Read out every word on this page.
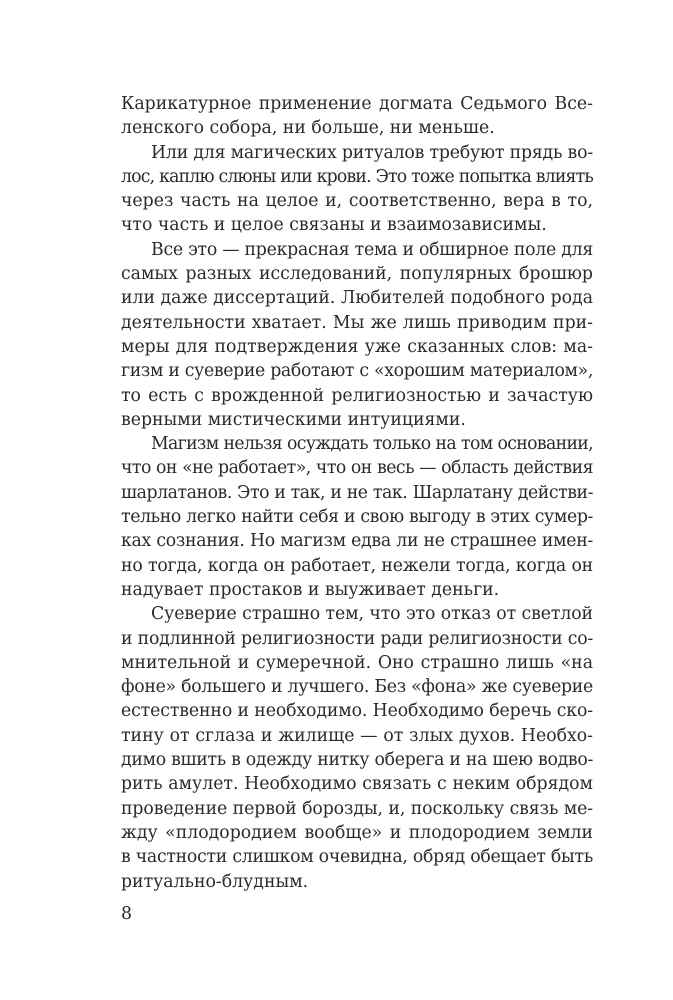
Карикатурное применение догмата Седьмого Все-
ленского собора, ни больше, ни меньше.
Или для магических ритуалов требуют прядь во-
лос, каплю слюны или крови. Это тоже попытка влиять
через часть на целое и, соответственно, вера в то,
что часть и целое связаны и взаимозависимы.
Все это — прекрасная тема и обширное поле для
самых разных исследований, популярных брошюр
или даже диссертаций. Любителей подобного рода
деятельности хватает. Мы же лишь приводим при-
меры для подтверждения уже сказанных слов: ма-
гизм и суеверие работают с «хорошим материалом»,
то есть с врожденной религиозностью и зачастую
верными мистическими интуициями.
Магизм нельзя осуждать только на том основании,
что он «не работает», что он весь — область действия
шарлатанов. Это и так, и не так. Шарлатану действи-
тельно легко найти себя и свою выгоду в этих сумер-
ках сознания. Но магизм едва ли не страшнее имен-
но тогда, когда он работает, нежели тогда, когда он
надувает простаков и выуживает деньги.
Суеверие страшно тем, что это отказ от светлой
и подлинной религиозности ради религиозности со-
мнительной и сумеречной. Оно страшно лишь «на
фоне» большего и лучшего. Без «фона» же суеверие
естественно и необходимо. Необходимо беречь ско-
тину от сглаза и жилище — от злых духов. Необхо-
димо вшить в одежду нитку оберега и на шею водво-
рить амулет. Необходимо связать с неким обрядом
проведение первой борозды, и, поскольку связь ме-
жду «плодородием вообще» и плодородием земли
в частности слишком очевидна, обряд обещает быть
ритуально-блудным.
8
